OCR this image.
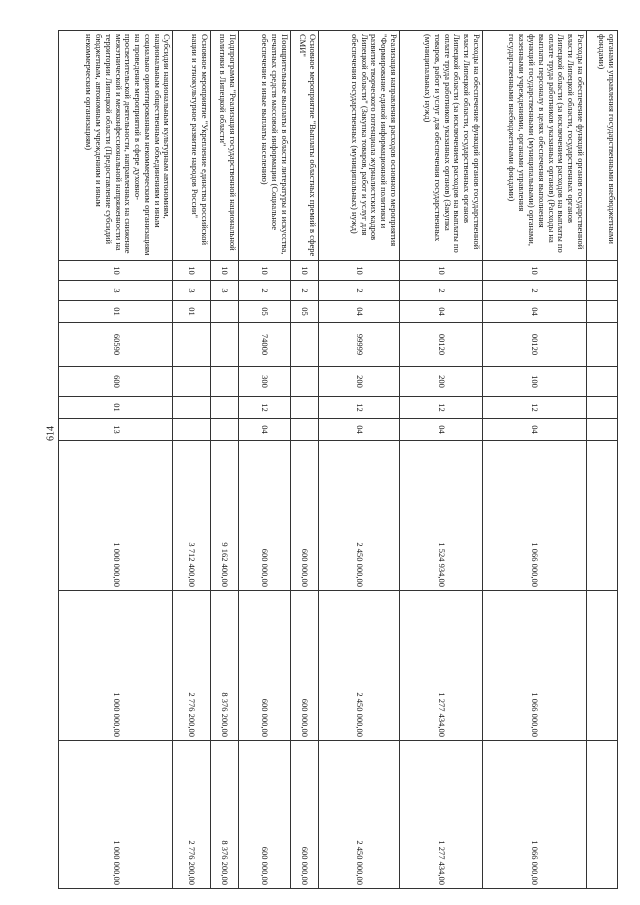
614
органами управления государственными внебюджетными фондами)										
Расходы на обеспечение функций органов государственной власти Липецкой области, государственных органов Липецкой области (за исключением расходов на выплаты по оплате труда работников указанных органов) (Расходы на выплаты персоналу в целях обеспечения выполнения функций государственными (муниципальными) органами, казенными учреждениями, органами управления государственными внебюджетными фондами)	10	2	04	00120	100	12	04	1 066 000,00	1 066 000,00	1 066 000,00
Расходы на обеспечение функций органов государственной власти Липецкой области, государственных органов Липецкой области (за исключением расходов на выплаты по оплате труда работников указанных органов) (Закупка товаров, работ и услуг для обеспечения государственных (муниципальных) нужд)	10	2	04	00120	200	12	04	1 524 934,00	1 277 434,00	1 277 434,00
Реализация направления расходов основного мероприятия "Формирование единой информационной политики и развитие творческого потенциала журналистских кадров Липецкой области" (Закупка товаров, работ и услуг для обеспечения государственных (муниципальных) нужд)	10	2	04	99999	200	12	04	2 450 000,00	2 450 000,00	2 450 000,00
Основное мероприятие "Выплаты областных премий в сфере СМИ"	10	2	05					600 000,00	600 000,00	600 000,00
Поощрительные выплаты в области литературы и искусства, печатных средств массовой информации (Социальное обеспечение и иные выплаты населению)	10	2	05	74000	300	12	04	600 000,00	600 000,00	600 000,00
Подпрограмма "Реализация государственной национальной политики в Липецкой области"	10	3						9 162 400,00	8 376 200,00	8 376 200,00
Основное мероприятие "Укрепление единства российской нации и этнокультурное развитие народов России"	10	3	01					3 712 400,00	2 776 200,00	2 776 200,00
Субсидии национальным культурным автономиям, национальным общественным объединениям и иным социально ориентированным некоммерческим организациям на проведение мероприятий в сфере духовно-просветительской деятельности, направленных на снижение межэтнической и межконфессиональной напряженности на территории Липецкой области (Предоставление субсидий бюджетным, автономным учреждениям и иным некоммерческим организациям)	10	3	01	60590	600	01	13	1 000 000,00	1 000 000,00	1 000 000,00
